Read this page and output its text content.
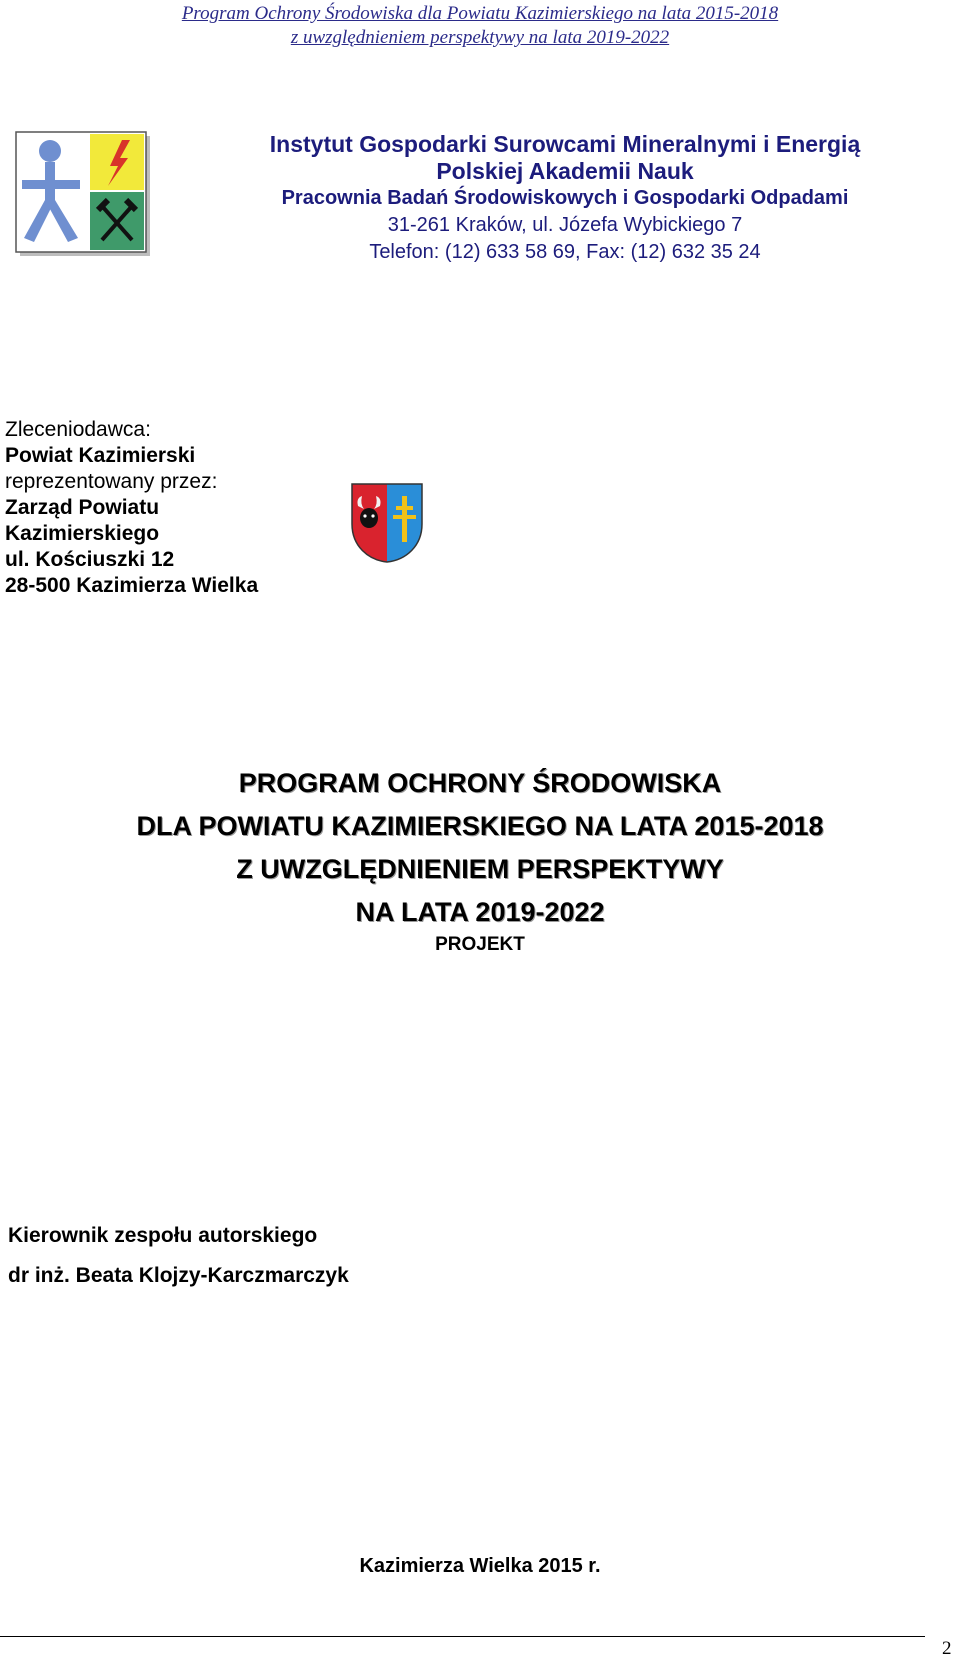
Program Ochrony Środowiska dla Powiatu Kazimierskiego na lata 2015-2018
z uwzględnieniem perspektywy na lata 2019-2022
Instytut Gospodarki Surowcami Mineralnymi i Energią
Polskiej Akademii Nauk
Pracownia Badań Środowiskowych i Gospodarki Odpadami
31-261 Kraków, ul. Józefa Wybickiego 7
Telefon: (12) 633 58 69, Fax: (12) 632 35 24
Zleceniodawca:
Powiat Kazimierski
reprezentowany przez:
Zarząd Powiatu
Kazimierskiego
ul. Kościuszki 12
28-500 Kazimierza Wielka
PROGRAM OCHRONY ŚRODOWISKA
DLA POWIATU KAZIMIERSKIEGO NA LATA 2015-2018
Z UWZGLĘDNIENIEM PERSPEKTYWY
NA LATA 2019-2022
PROJEKT
Kierownik zespołu autorskiego
dr inż. Beata Klojzy-Karczmarczyk
Kazimierza Wielka 2015 r.
2
